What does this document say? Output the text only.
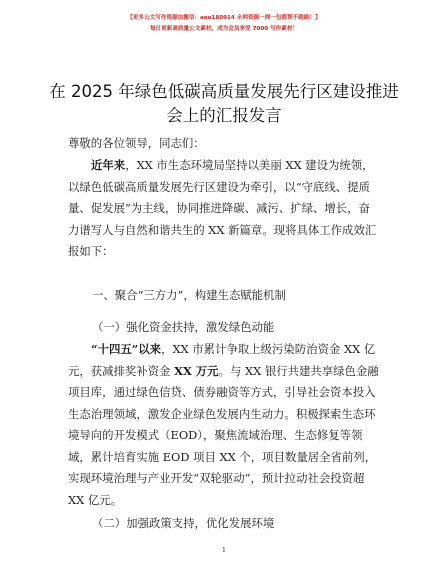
【更多公文写作资源加微信：aoo180914 全网资源一网一包都帮不跑路！】
每日更新高质量公文素材，成为会员享受 7000 写作素材！
在 2025 年绿色低碳高质量发展先行区建设推进
会上的汇报发言

尊敬的各位领导，同志们：

近年来，XX 市生态环境局坚持以美丽 XX 建设为统领，
以绿色低碳高质量发展先行区建设为牵引，以“守底线、提质
量、促发展”为主线，协同推进降碳、减污、扩绿、增长，奋
力谱写人与自然和谐共生的 XX 新篇章。现将具体工作成效汇
报如下：

一、聚合“三方力”，构建生态赋能机制

（一）强化资金扶持，激发绿色动能

“十四五”以来，XX 市累计争取上级污染防治资金 XX 亿
元，获减排奖补资金 XX 万元。与 XX 银行共建共享绿色金融
项目库，通过绿色信贷、债券融资等方式，引导社会资本投入
生态治理领域，激发企业绿色发展内生动力。积极探索生态环
境导向的开发模式（EOD），聚焦流域治理、生态修复等领
域，累计培育实施 EOD 项目 XX 个，项目数量居全省前列，
实现环境治理与产业开发“双轮驱动”，预计拉动社会投资超
XX 亿元。

（二）加强政策支持，优化发展环境

1
